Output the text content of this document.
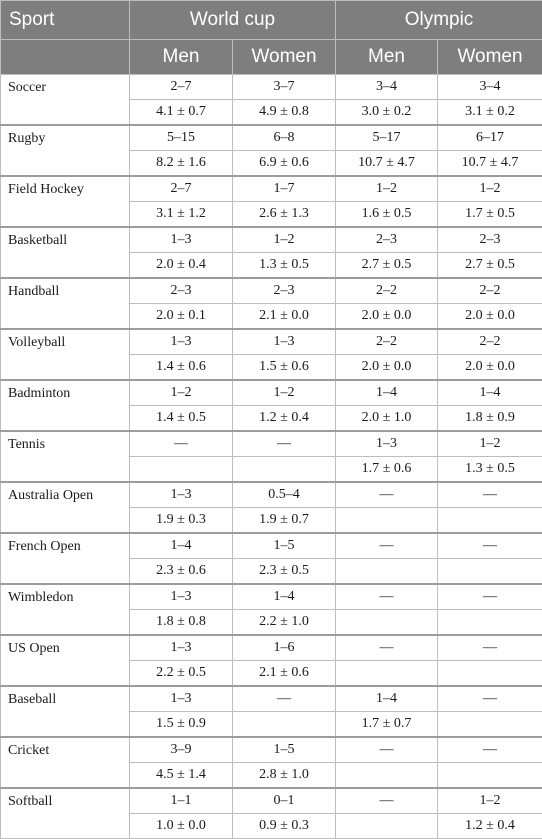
Sport	World cup		Olympic	
	Men	Women	Men	Women
Soccer	2–7	3–7	3–4	3–4
	4.1 ± 0.7	4.9 ± 0.8	3.0 ± 0.2	3.1 ± 0.2
Rugby	5–15	6–8	5–17	6–17
	8.2 ± 1.6	6.9 ± 0.6	10.7 ± 4.7	10.7 ± 4.7
Field Hockey	2–7	1–7	1–2	1–2
	3.1 ± 1.2	2.6 ± 1.3	1.6 ± 0.5	1.7 ± 0.5
Basketball	1–3	1–2	2–3	2–3
	2.0 ± 0.4	1.3 ± 0.5	2.7 ± 0.5	2.7 ± 0.5
Handball	2–3	2–3	2–2	2–2
	2.0 ± 0.1	2.1 ± 0.0	2.0 ± 0.0	2.0 ± 0.0
Volleyball	1–3	1–3	2–2	2–2
	1.4 ± 0.6	1.5 ± 0.6	2.0 ± 0.0	2.0 ± 0.0
Badminton	1–2	1–2	1–4	1–4
	1.4 ± 0.5	1.2 ± 0.4	2.0 ± 1.0	1.8 ± 0.9
Tennis	—	—	1–3	1–2
			1.7 ± 0.6	1.3 ± 0.5
Australia Open	1–3	0.5–4	—	—
	1.9 ± 0.3	1.9 ± 0.7		
French Open	1–4	1–5	—	—
	2.3 ± 0.6	2.3 ± 0.5		
Wimbledon	1–3	1–4	—	—
	1.8 ± 0.8	2.2 ± 1.0		
US Open	1–3	1–6	—	—
	2.2 ± 0.5	2.1 ± 0.6		
Baseball	1–3	—	1–4	—
	1.5 ± 0.9		1.7 ± 0.7	
Cricket	3–9	1–5	—	—
	4.5 ± 1.4	2.8 ± 1.0		
Softball	1–1	0–1	—	1–2
	1.0 ± 0.0	0.9 ± 0.3		1.2 ± 0.4
